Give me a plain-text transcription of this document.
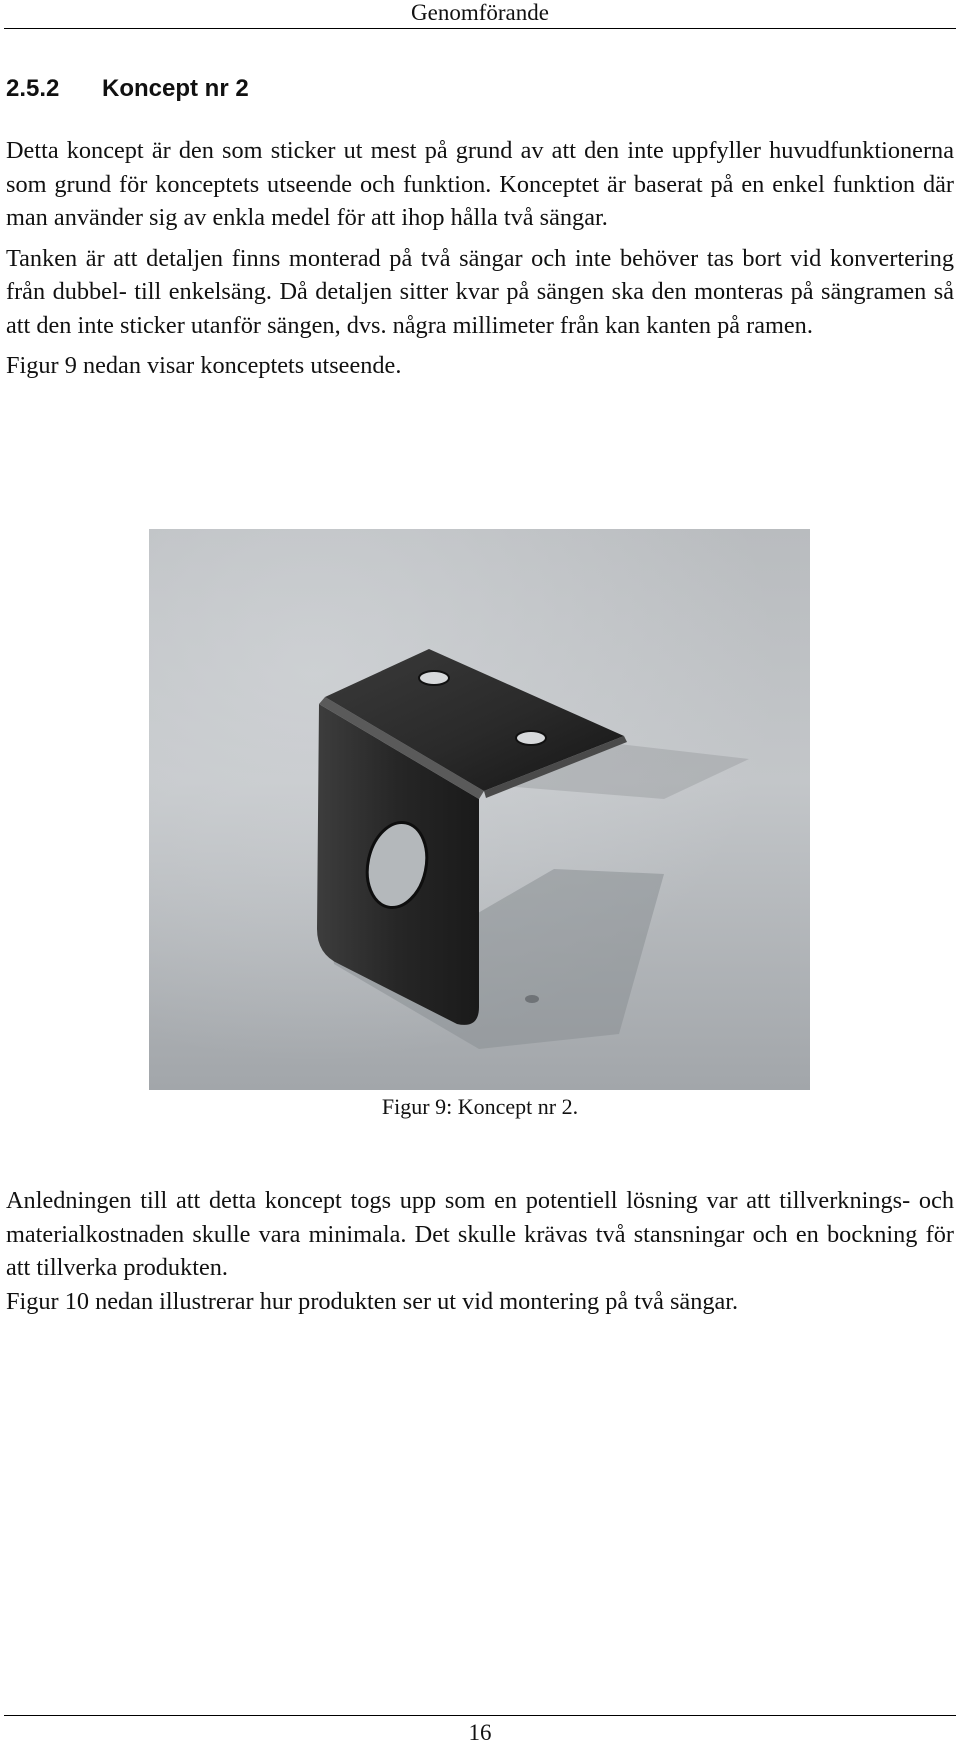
Genomförande
2.5.2 Koncept nr 2

Detta koncept är den som sticker ut mest på grund av att den inte uppfyller huvudfunktionerna som grund för konceptets utseende och funktion. Konceptet är baserat på en enkel funktion där man använder sig av enkla medel för att ihop hålla två sängar.

Tanken är att detaljen finns monterad på två sängar och inte behöver tas bort vid konvertering från dubbel- till enkelsäng. Då detaljen sitter kvar på sängen ska den monteras på sängramen så att den inte sticker utanför sängen, dvs. några millimeter från kan kanten på ramen.

Figur 9 nedan visar konceptets utseende.

Figur 9: Koncept nr 2.

Anledningen till att detta koncept togs upp som en potentiell lösning var att tillverknings- och materialkostnaden skulle vara minimala. Det skulle krävas två stansningar och en bockning för att tillverka produkten.

Figur 10 nedan illustrerar hur produkten ser ut vid montering på två sängar.

16
